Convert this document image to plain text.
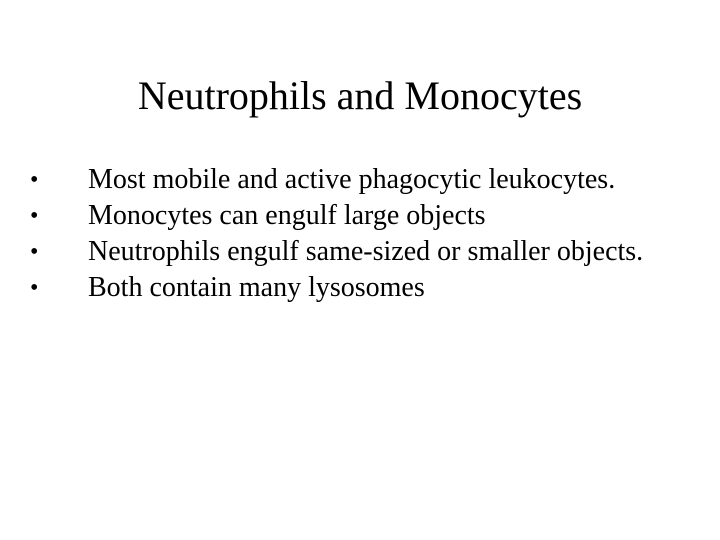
Neutrophils and Monocytes
•	Most mobile and active phagocytic leukocytes.
•	Monocytes can engulf large objects
•	Neutrophils engulf same-sized or smaller objects.
•	Both contain many lysosomes
